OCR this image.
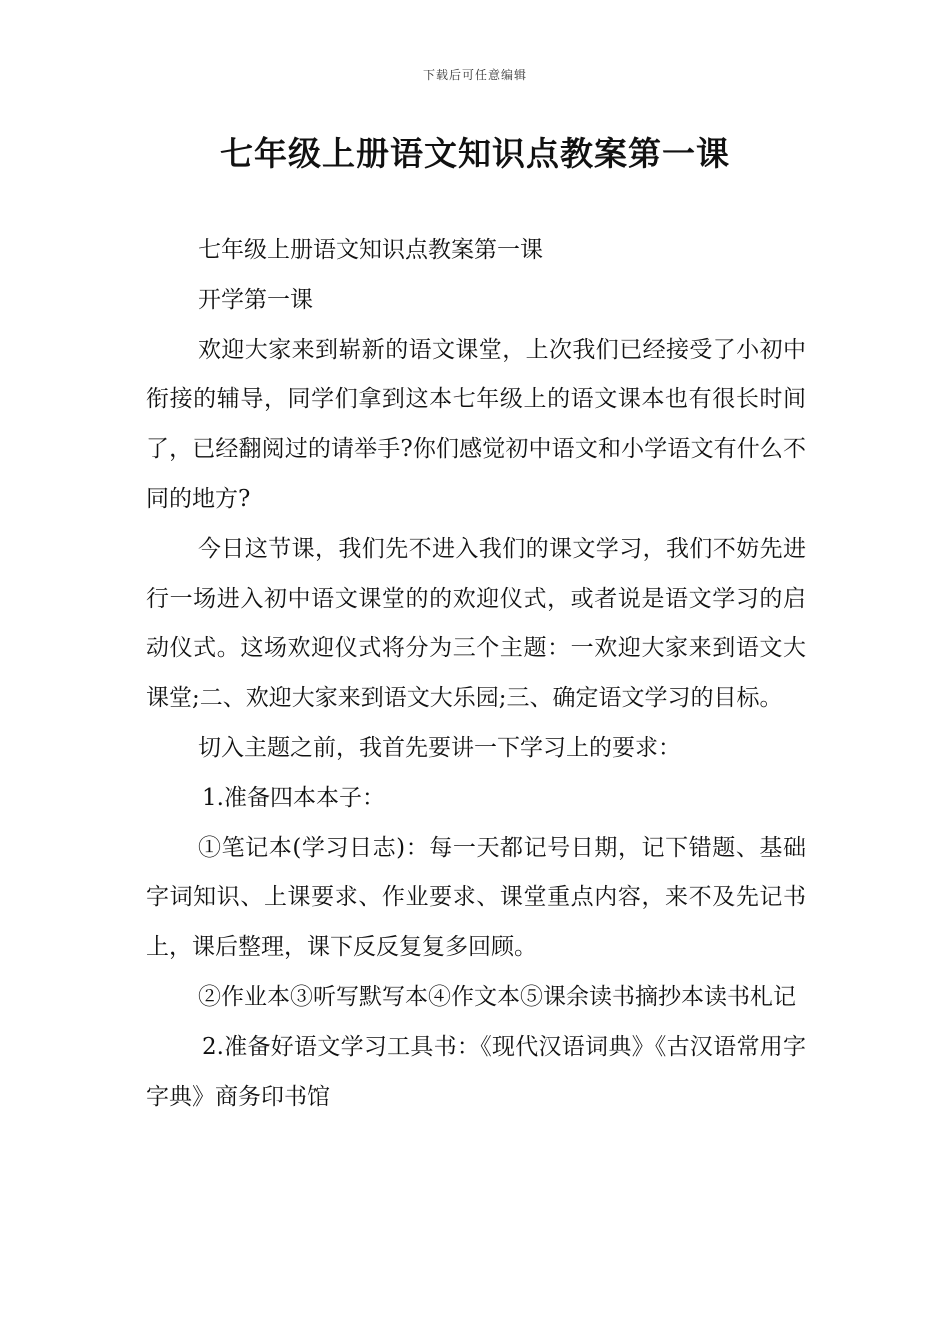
下载后可任意编辑
七年级上册语文知识点教案第一课

七年级上册语文知识点教案第一课

开学第一课

欢迎大家来到崭新的语文课堂，上次我们已经接受了小初中衔接的辅导，同学们拿到这本七年级上的语文课本也有很长时间了，已经翻阅过的请举手?你们感觉初中语文和小学语文有什么不同的地方?

今日这节课，我们先不进入我们的课文学习，我们不妨先进行一场进入初中语文课堂的的欢迎仪式，或者说是语文学习的启动仪式。这场欢迎仪式将分为三个主题：一欢迎大家来到语文大课堂;二、欢迎大家来到语文大乐园;三、确定语文学习的目标。

切入主题之前，我首先要讲一下学习上的要求：

1.准备四本本子：

①笔记本(学习日志)：每一天都记号日期，记下错题、基础字词知识、上课要求、作业要求、课堂重点内容，来不及先记书上，课后整理，课下反反复复多回顾。

②作业本③听写默写本④作文本⑤课余读书摘抄本读书札记

2.准备好语文学习工具书：《现代汉语词典》《古汉语常用字字典》商务印书馆
